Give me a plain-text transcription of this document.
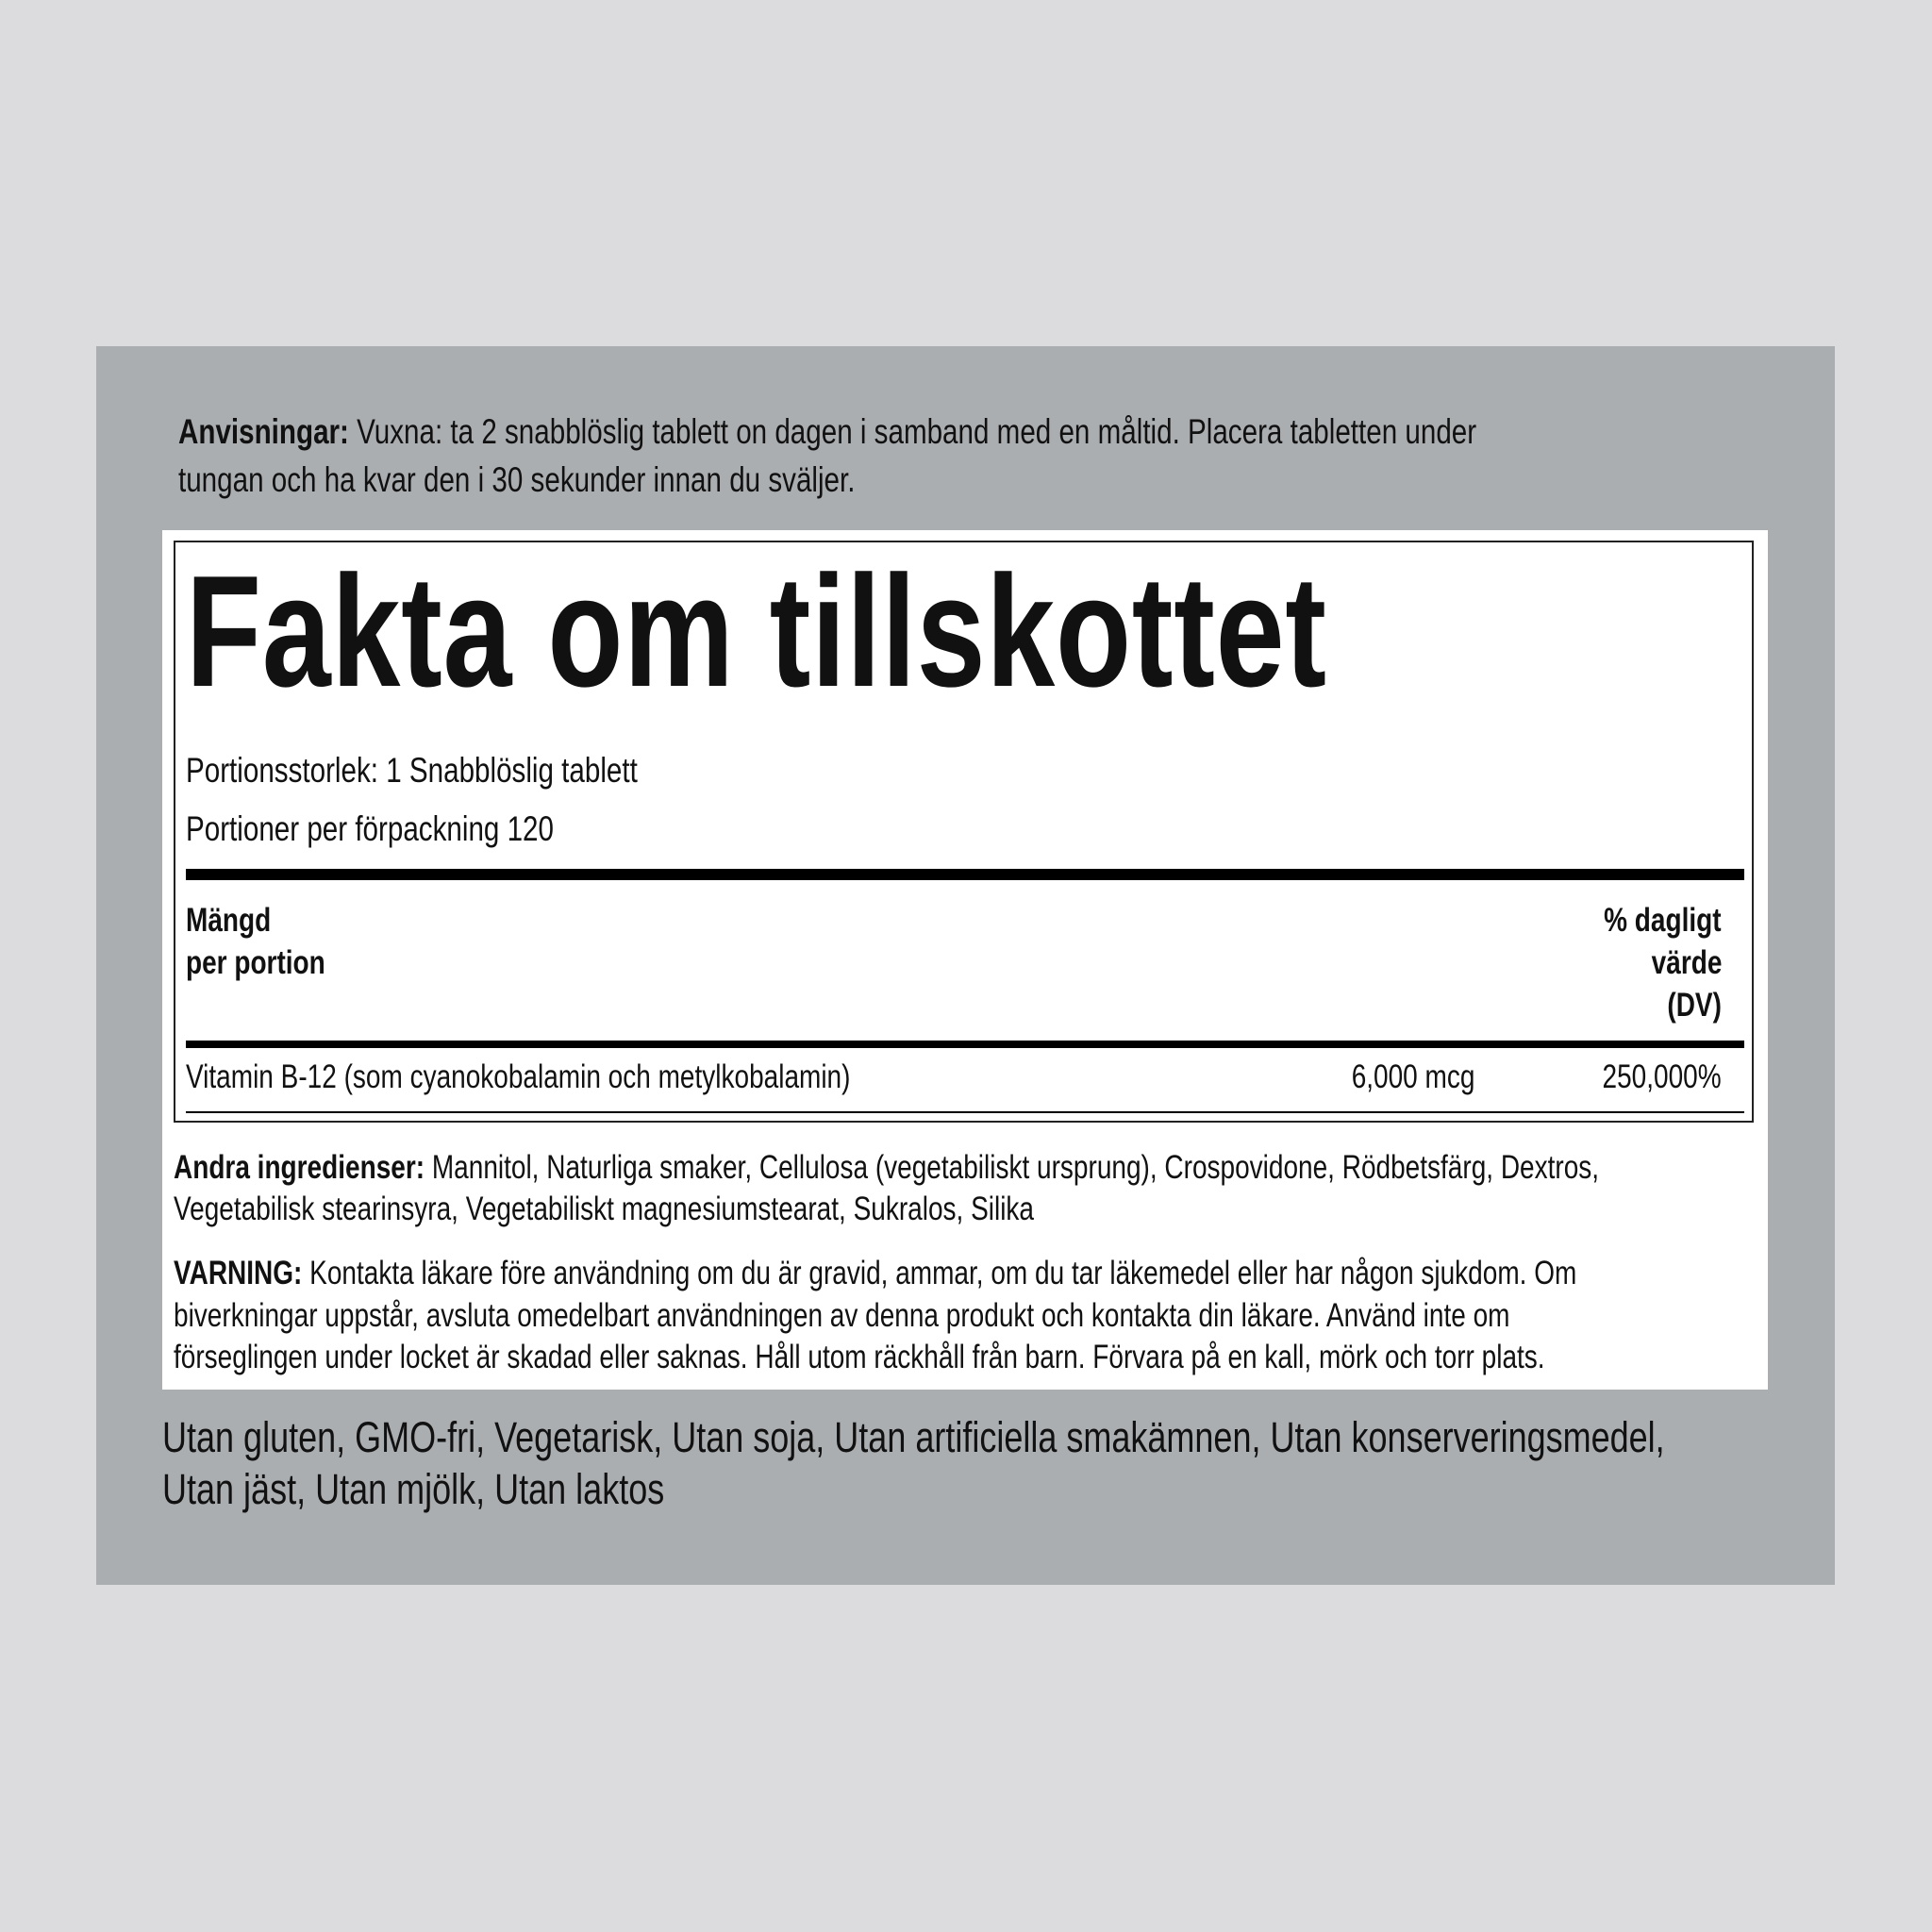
Anvisningar: Vuxna: ta 2 snabblöslig tablett on dagen i samband med en måltid. Placera tabletten under
tungan och ha kvar den i 30 sekunder innan du sväljer.
Fakta om tillskottet
Portionsstorlek: 1 Snabblöslig tablett
Portioner per förpackning 120
Mängd
per portion
% dagligt
värde
(DV)
Vitamin B-12 (som cyanokobalamin och metylkobalamin)	6,000 mcg	250,000%
Andra ingredienser: Mannitol, Naturliga smaker, Cellulosa (vegetabiliskt ursprung), Crospovidone, Rödbetsfärg, Dextros,
Vegetabilisk stearinsyra, Vegetabiliskt magnesiumstearat, Sukralos, Silika
VARNING: Kontakta läkare före användning om du är gravid, ammar, om du tar läkemedel eller har någon sjukdom. Om
biverkningar uppstår, avsluta omedelbart användningen av denna produkt och kontakta din läkare. Använd inte om
förseglingen under locket är skadad eller saknas. Håll utom räckhåll från barn. Förvara på en kall, mörk och torr plats.
Utan gluten, GMO-fri, Vegetarisk, Utan soja, Utan artificiella smakämnen, Utan konserveringsmedel,
Utan jäst, Utan mjölk, Utan laktos
